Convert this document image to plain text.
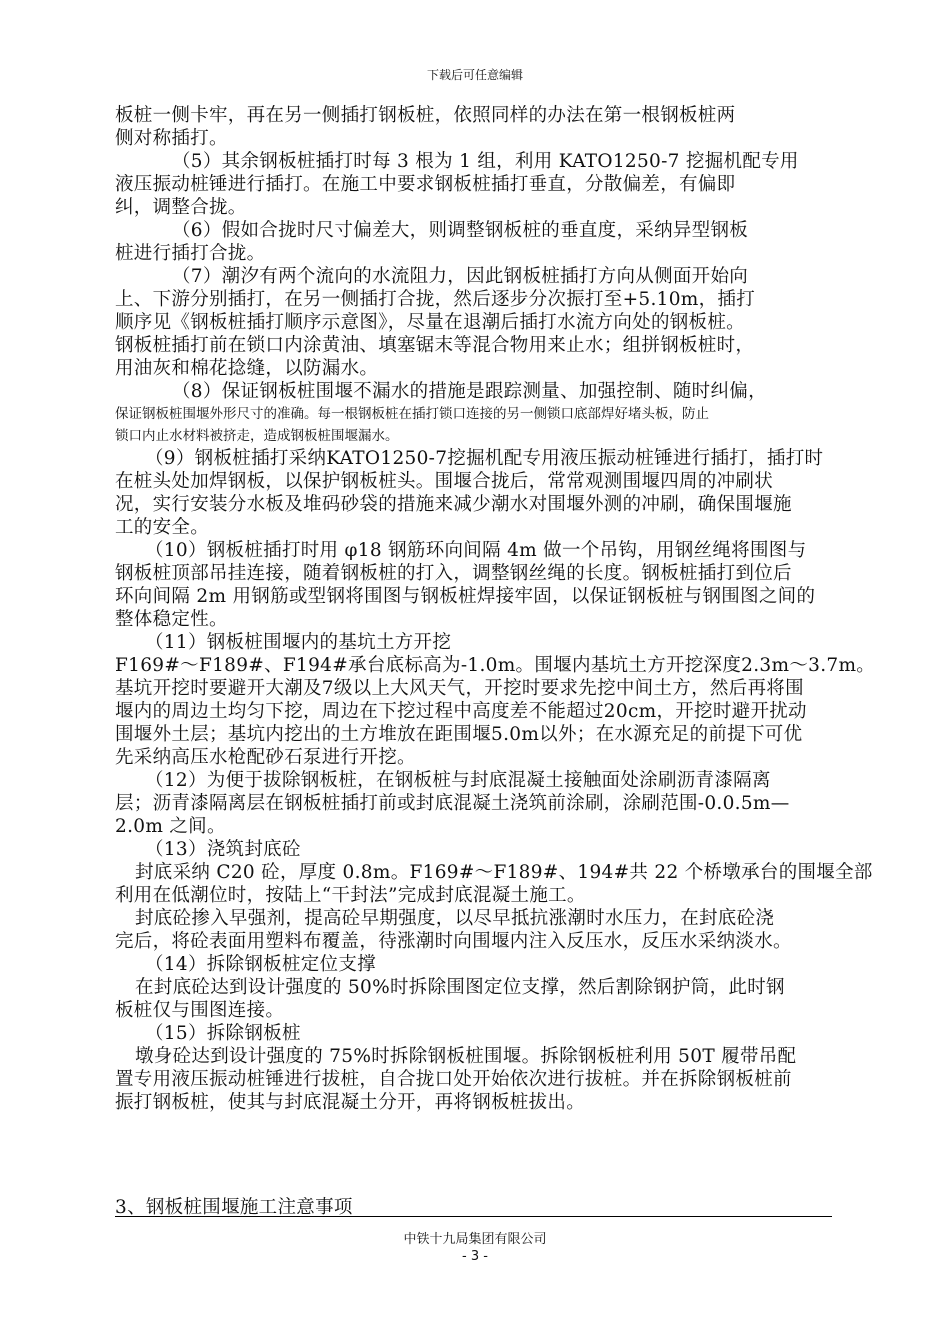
下载后可任意编辑
板桩一侧卡牢，再在另一侧插打钢板桩，依照同样的办法在第一根钢板桩两
侧对称插打。
（5）其余钢板桩插打时每 3 根为 1 组，利用 KATO1250-7 挖掘机配专用
液压振动桩锤进行插打。在施工中要求钢板桩插打垂直，分散偏差，有偏即
纠，调整合拢。
（6）假如合拢时尺寸偏差大，则调整钢板桩的垂直度，采纳异型钢板
桩进行插打合拢。
（7）潮汐有两个流向的水流阻力，因此钢板桩插打方向从侧面开始向
上、下游分别插打，在另一侧插打合拢，然后逐步分次振打至+5.10m，插打
顺序见《钢板桩插打顺序示意图》，尽量在退潮后插打水流方向处的钢板桩。
钢板桩插打前在锁口内涂黄油、填塞锯末等混合物用来止水；组拼钢板桩时，
用油灰和棉花捻缝，以防漏水。
（8）保证钢板桩围堰不漏水的措施是跟踪测量、加强控制、随时纠偏，
保证钢板桩围堰外形尺寸的准确。每一根钢板桩在插打锁口连接的另一侧锁口底部焊好堵头板，防止
锁口内止水材料被挤走，造成钢板桩围堰漏水。
（9）钢板桩插打采纳KATO1250-7挖掘机配专用液压振动桩锤进行插打，插打时
在桩头处加焊钢板，以保护钢板桩头。围堰合拢后，常常观测围堰四周的冲刷状
况，实行安装分水板及堆码砂袋的措施来减少潮水对围堰外测的冲刷，确保围堰施
工的安全。
（10）钢板桩插打时用 φ18 钢筋环向间隔 4m 做一个吊钩，用钢丝绳将围图与
钢板桩顶部吊挂连接，随着钢板桩的打入，调整钢丝绳的长度。钢板桩插打到位后
环向间隔 2m 用钢筋或型钢将围图与钢板桩焊接牢固，以保证钢板桩与钢围图之间的
整体稳定性。
（11）钢板桩围堰内的基坑土方开挖
F169#～F189#、F194#承台底标高为-1.0m。围堰内基坑土方开挖深度2.3m～3.7m。
基坑开挖时要避开大潮及7级以上大风天气，开挖时要求先挖中间土方，然后再将围
堰内的周边土均匀下挖，周边在下挖过程中高度差不能超过20cm，开挖时避开扰动
围堰外土层；基坑内挖出的土方堆放在距围堰5.0m以外；在水源充足的前提下可优
先采纳高压水枪配砂石泵进行开挖。
（12）为便于拔除钢板桩，在钢板桩与封底混凝土接触面处涂刷沥青漆隔离
层；沥青漆隔离层在钢板桩插打前或封底混凝土浇筑前涂刷，涂刷范围-0.0.5m—
2.0m 之间。
（13）浇筑封底砼
封底采纳 C20 砼，厚度 0.8m。F169#～F189#、194#共 22 个桥墩承台的围堰全部
利用在低潮位时，按陆上“干封法”完成封底混凝土施工。
封底砼掺入早强剂，提高砼早期强度，以尽早抵抗涨潮时水压力，在封底砼浇
完后，将砼表面用塑料布覆盖，待涨潮时向围堰内注入反压水，反压水采纳淡水。
（14）拆除钢板桩定位支撑
在封底砼达到设计强度的 50%时拆除围图定位支撑，然后割除钢护筒，此时钢
板桩仅与围图连接。
（15）拆除钢板桩
墩身砼达到设计强度的 75%时拆除钢板桩围堰。拆除钢板桩利用 50T 履带吊配
置专用液压振动桩锤进行拔桩，自合拢口处开始依次进行拔桩。并在拆除钢板桩前
振打钢板桩，使其与封底混凝土分开，再将钢板桩拔出。
3、钢板桩围堰施工注意事项
中铁十九局集团有限公司
- 3 -
